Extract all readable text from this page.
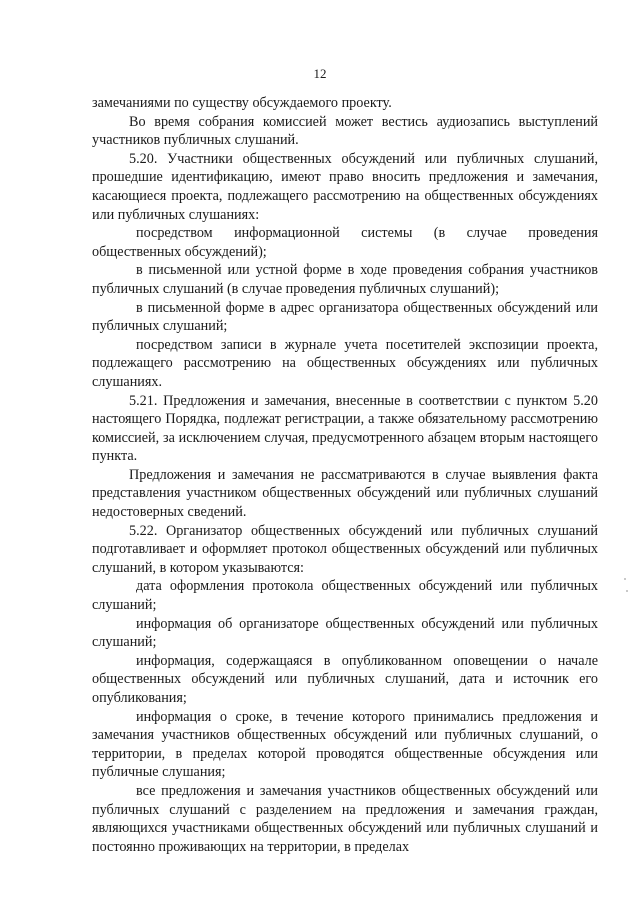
12

замечаниями по существу обсуждаемого проекту.

Во время собрания комиссией может вестись аудиозапись выступлений участников публичных слушаний.

5.20. Участники общественных обсуждений или публичных слушаний, прошедшие идентификацию, имеют право вносить предложения и замечания, касающиеся проекта, подлежащего рассмотрению на общественных обсуждениях или публичных слушаниях:

посредством информационной системы (в случае проведения общественных обсуждений);

в письменной или устной форме в ходе проведения собрания участников публичных слушаний (в случае проведения публичных слушаний);

в письменной форме в адрес организатора общественных обсуждений или публичных слушаний;

посредством записи в журнале учета посетителей экспозиции проекта, подлежащего рассмотрению на общественных обсуждениях или публичных слушаниях.

5.21. Предложения и замечания, внесенные в соответствии с пунктом 5.20 настоящего Порядка, подлежат регистрации, а также обязательному рассмотрению комиссией, за исключением случая, предусмотренного абзацем вторым настоящего пункта.

Предложения и замечания не рассматриваются в случае выявления факта представления участником общественных обсуждений или публичных слушаний недостоверных сведений.

5.22. Организатор общественных обсуждений или публичных слушаний подготавливает и оформляет протокол общественных обсуждений или публичных слушаний, в котором указываются:

дата оформления протокола общественных обсуждений или публичных слушаний;

информация об организаторе общественных обсуждений или публичных слушаний;

информация, содержащаяся в опубликованном оповещении о начале общественных обсуждений или публичных слушаний, дата и источник его опубликования;

информация о сроке, в течение которого принимались предложения и замечания участников общественных обсуждений или публичных слушаний, о территории, в пределах которой проводятся общественные обсуждения или публичные слушания;

все предложения и замечания участников общественных обсуждений или публичных слушаний с разделением на предложения и замечания граждан, являющихся участниками общественных обсуждений или публичных слушаний и постоянно проживающих на территории, в пределах
